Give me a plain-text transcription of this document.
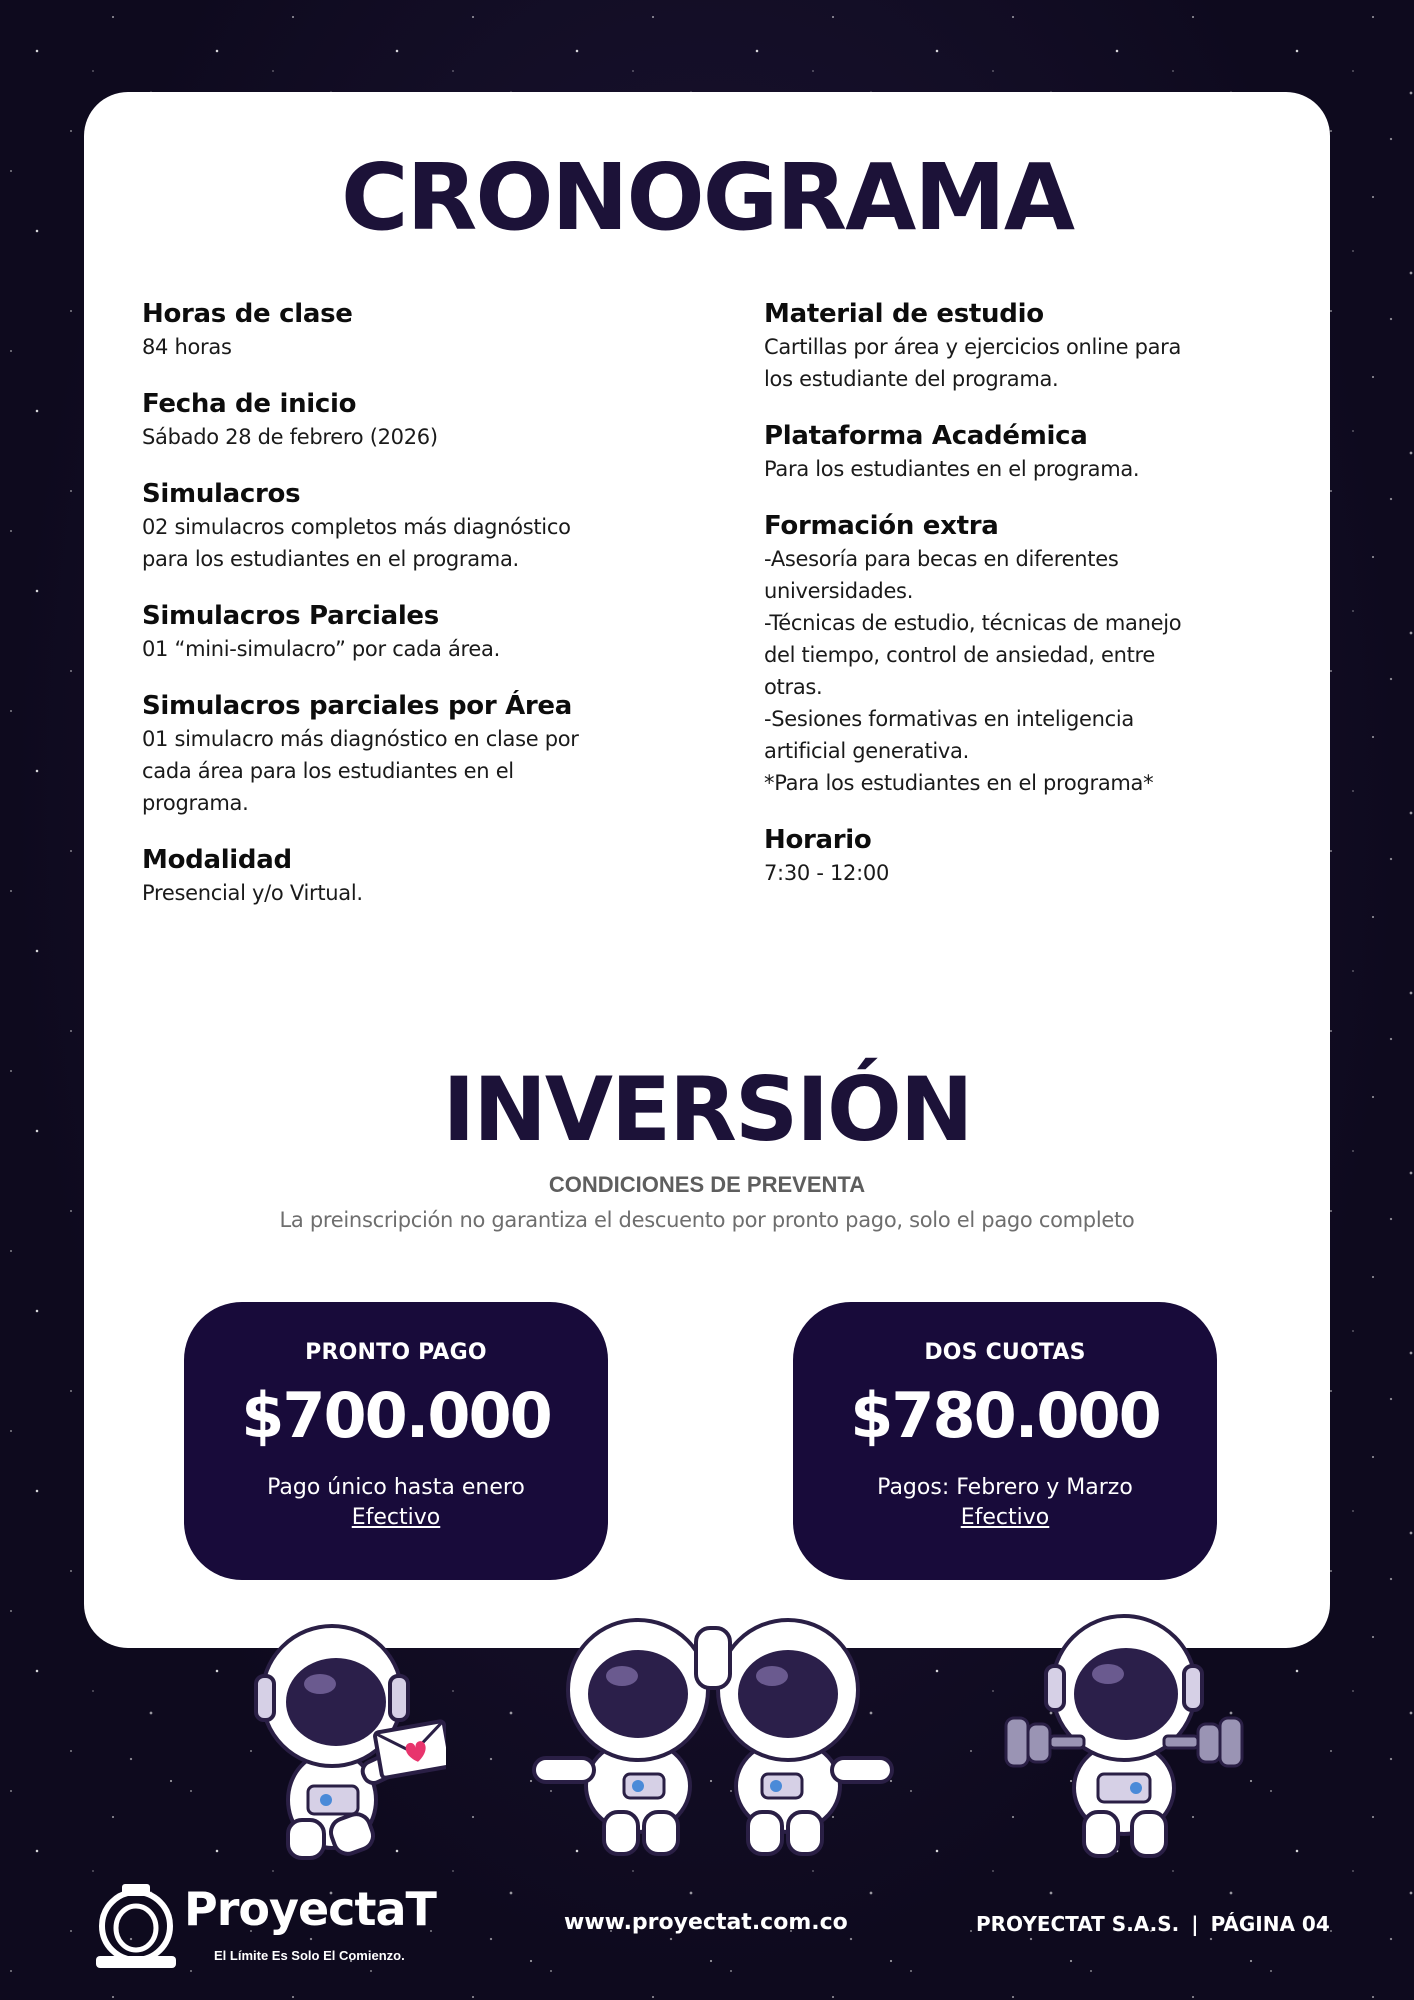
CRONOGRAMA
Horas de clase

84 horas

Fecha de inicio

Sábado 28 de febrero (2026)

Simulacros

02 simulacros completos más diagnóstico
para los estudiantes en el programa.

Simulacros Parciales

01 “mini-simulacro” por cada área.

Simulacros parciales por Área

01 simulacro más diagnóstico en clase por
cada área para los estudiantes en el
programa.

Modalidad

Presencial y/o Virtual.

Material de estudio

Cartillas por área y ejercicios online para
los estudiante del programa.

Plataforma Académica

Para los estudiantes en el programa.

Formación extra

-Asesoría para becas en diferentes
universidades.
-Técnicas de estudio, técnicas de manejo
del tiempo, control de ansiedad, entre
otras.
-Sesiones formativas en inteligencia
artificial generativa.
*Para los estudiantes en el programa*

Horario

7:30 - 12:00

INVERSIÓN
CONDICIONES DE PREVENTA
La preinscripción no garantiza el descuento por pronto pago, solo el pago completo
PRONTO PAGO
$700.000
Pago único hasta enero
Efectivo
DOS CUOTAS
$780.000
Pagos: Febrero y Marzo
Efectivo
ProyectaT
El Límite Es Solo El Comienzo.
www.proyectat.com.co	PROYECTAT S.A.S. | PÁGINA 04
